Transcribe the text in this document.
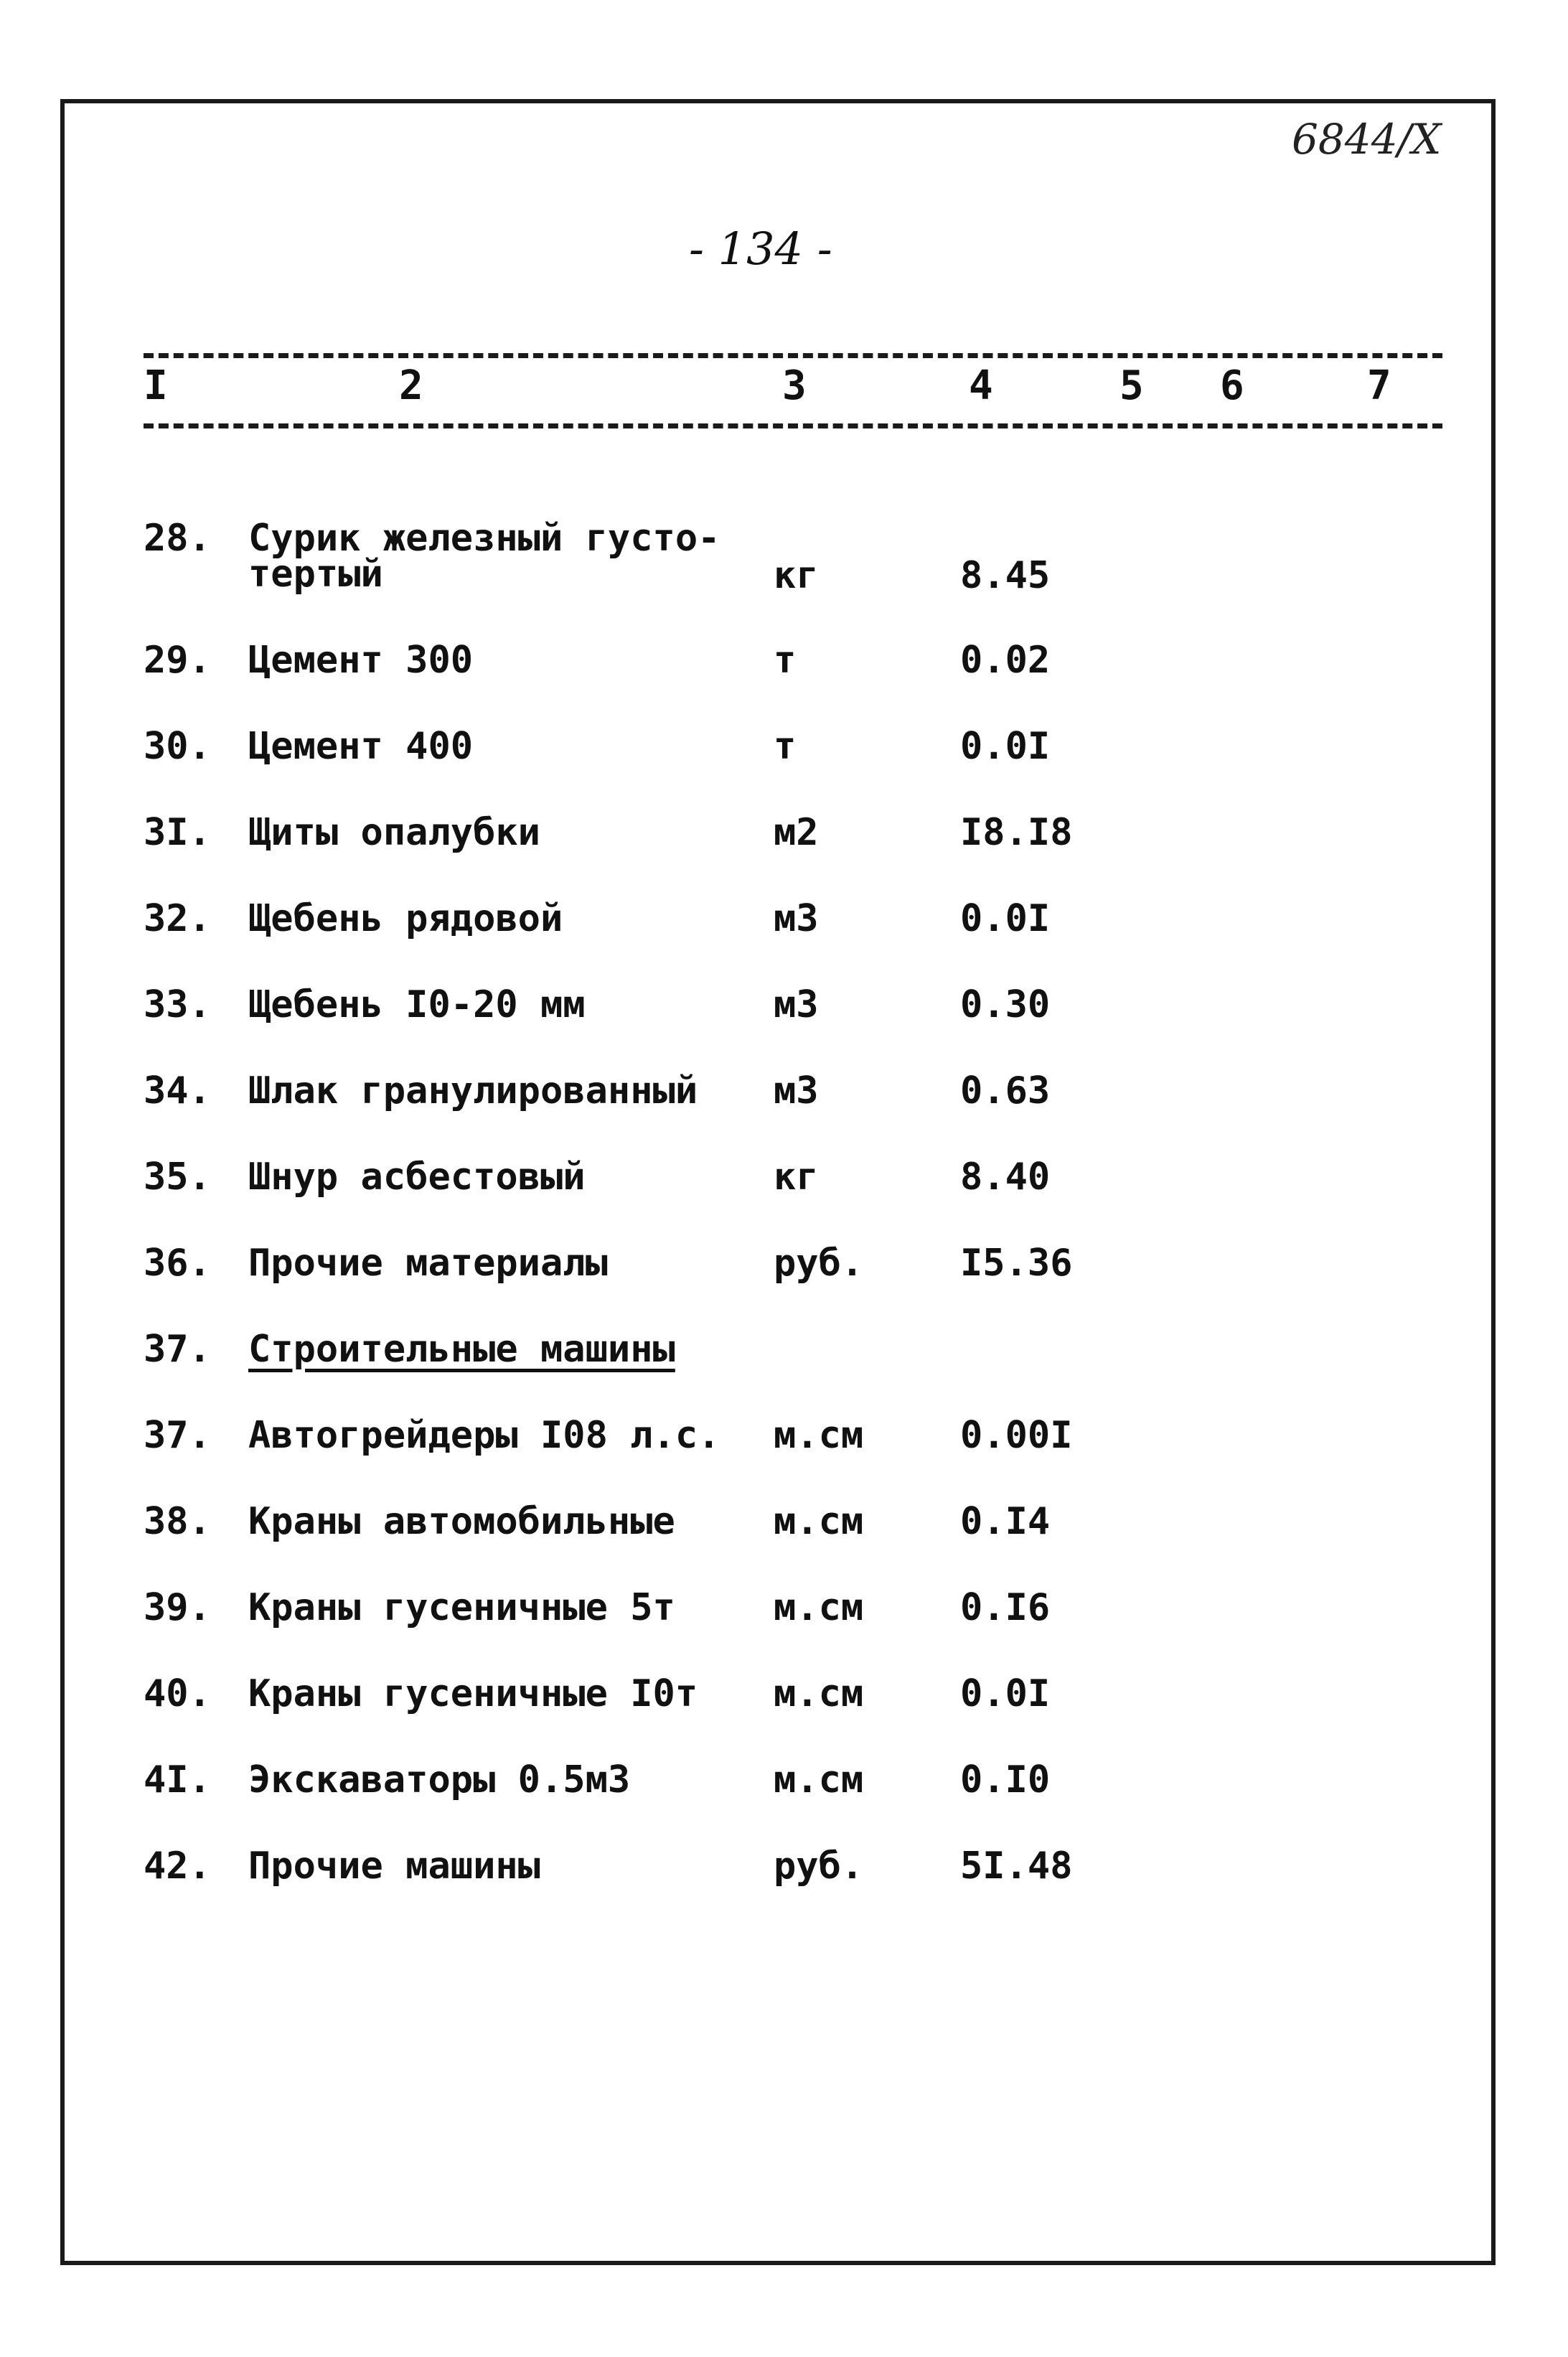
6844/X
- 134 -
I	2	3	4	5 6	7
28. Сурик железный густо-
тертый	кг	8.45
29. Цемент 300	т	0.02
30. Цемент 400	т	0.0I
3I. Щиты опалубки	м2	I8.I8
32. Щебень рядовой	м3	0.0I
33. Щебень I0-20 мм	м3	0.30
34. Шлак гранулированный м3	0.63
35. Шнур асбестовый	кг	8.40
36. Прочие материалы	руб.	I5.36
37. Строительные машины
37. Автогрейдеры I08 л.с. м.см	0.00I
38. Краны автомобильные	м.см	0.I4
39. Краны гусеничные 5т	м.см	0.I6
40. Краны гусеничные I0т м.см	0.0I
4I. Экскаваторы 0.5м3	м.см	0.I0
42. Прочие машины	руб.	5I.48
